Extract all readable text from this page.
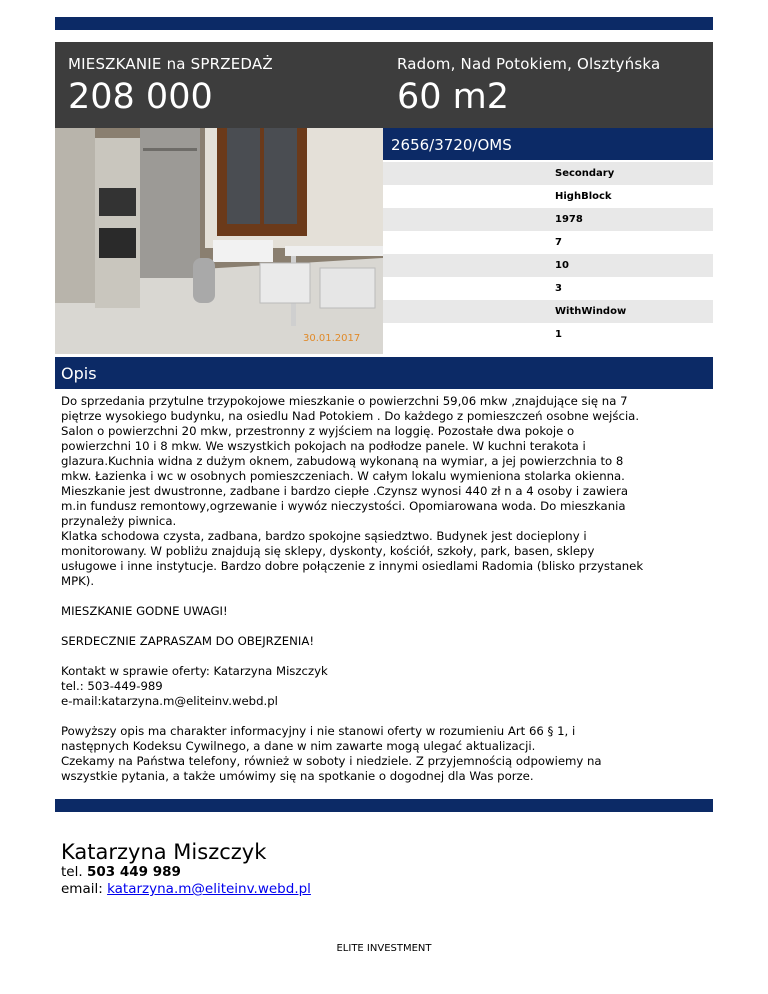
MIESZKANIE na SPRZEDAŻ
208 000
Radom, Nad Potokiem, Olsztyńska
60 m2
30.01.2017
2656/3720/OMS
Secondary
HighBlock
1978
7
10
3
WithWindow
1
Opis

Do sprzedania przytulne trzypokojowe mieszkanie o powierzchni 59,06 mkw ,znajdujące się na 7
piętrze wysokiego budynku, na osiedlu Nad Potokiem . Do każdego z pomieszczeń osobne wejścia.
Salon o powierzchni 20 mkw, przestronny z wyjściem na loggię. Pozostałe dwa pokoje o
powierzchni 10 i 8 mkw. We wszystkich pokojach na podłodze panele. W kuchni terakota i
glazura.Kuchnia widna z dużym oknem, zabudową wykonaną na wymiar, a jej powierzchnia to 8
mkw. Łazienka i wc w osobnych pomieszczeniach. W całym lokalu wymieniona stolarka okienna.
Mieszkanie jest dwustronne, zadbane i bardzo ciepłe .Czynsz wynosi 440 zł n a 4 osoby i zawiera
m.in fundusz remontowy,ogrzewanie i wywóz nieczystości. Opomiarowana woda. Do mieszkania
przynależy piwnica.
Klatka schodowa czysta, zadbana, bardzo spokojne sąsiedztwo. Budynek jest docieplony i
monitorowany. W pobliżu znajdują się sklepy, dyskonty, kościół, szkoły, park, basen, sklepy
usługowe i inne instytucje. Bardzo dobre połączenie z innymi osiedlami Radomia (blisko przystanek
MPK).

MIESZKANIE GODNE UWAGI!

SERDECZNIE ZAPRASZAM DO OBEJRZENIA!

Kontakt w sprawie oferty: Katarzyna Miszczyk
tel.: 503-449-989
e-mail:katarzyna.m@eliteinv.webd.pl

Powyższy opis ma charakter informacyjny i nie stanowi oferty w rozumieniu Art 66 § 1, i
następnych Kodeksu Cywilnego, a dane w nim zawarte mogą ulegać aktualizacji.
Czekamy na Państwa telefony, również w soboty i niedziele. Z przyjemnością odpowiemy na
wszystkie pytania, a także umówimy się na spotkanie o dogodnej dla Was porze.

Katarzyna Miszczyk
tel. 503 449 989
email: katarzyna.m@eliteinv.webd.pl
ELITE INVESTMENT
